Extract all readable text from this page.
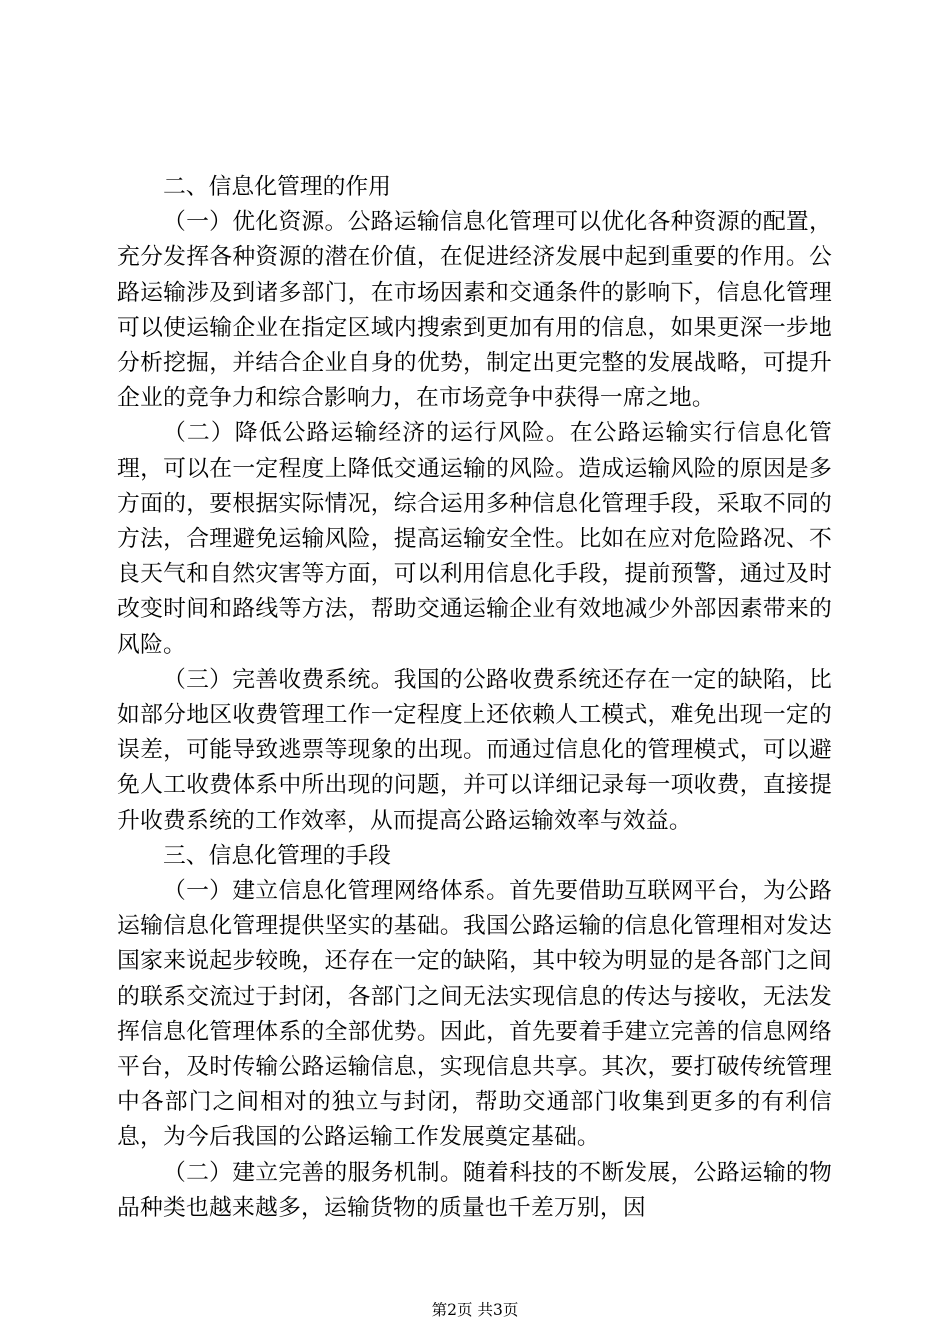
二、信息化管理的作用

（一）优化资源。公路运输信息化管理可以优化各种资源的配置，充分发挥各种资源的潜在价值，在促进经济发展中起到重要的作用。公路运输涉及到诸多部门，在市场因素和交通条件的影响下，信息化管理可以使运输企业在指定区域内搜索到更加有用的信息，如果更深一步地分析挖掘，并结合企业自身的优势，制定出更完整的发展战略，可提升企业的竞争力和综合影响力，在市场竞争中获得一席之地。

（二）降低公路运输经济的运行风险。在公路运输实行信息化管理，可以在一定程度上降低交通运输的风险。造成运输风险的原因是多方面的，要根据实际情况，综合运用多种信息化管理手段，采取不同的方法，合理避免运输风险，提高运输安全性。比如在应对危险路况、不良天气和自然灾害等方面，可以利用信息化手段，提前预警，通过及时改变时间和路线等方法，帮助交通运输企业有效地减少外部因素带来的风险。

（三）完善收费系统。我国的公路收费系统还存在一定的缺陷，比如部分地区收费管理工作一定程度上还依赖人工模式，难免出现一定的误差，可能导致逃票等现象的出现。而通过信息化的管理模式，可以避免人工收费体系中所出现的问题，并可以详细记录每一项收费，直接提升收费系统的工作效率，从而提高公路运输效率与效益。

三、信息化管理的手段

（一）建立信息化管理网络体系。首先要借助互联网平台，为公路运输信息化管理提供坚实的基础。我国公路运输的信息化管理相对发达国家来说起步较晚，还存在一定的缺陷，其中较为明显的是各部门之间的联系交流过于封闭，各部门之间无法实现信息的传达与接收，无法发挥信息化管理体系的全部优势。因此，首先要着手建立完善的信息网络平台，及时传输公路运输信息，实现信息共享。其次，要打破传统管理中各部门之间相对的独立与封闭，帮助交通部门收集到更多的有利信息，为今后我国的公路运输工作发展奠定基础。

（二）建立完善的服务机制。随着科技的不断发展，公路运输的物品种类也越来越多，运输货物的质量也千差万别，因

第2页 共3页
